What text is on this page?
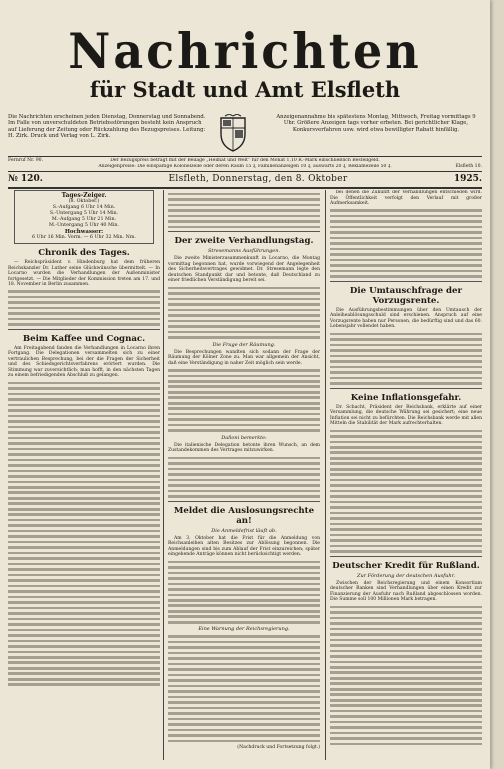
Nachrichten
für Stadt und Amt Elsfleth
Die Nachrichten erscheinen jeden Dienstag, Donnerstag und Sonnabend. Im Falle von unverschuldeten Betriebsstörungen besteht kein Anspruch auf Lieferung der Zeitung oder Rückzahlung des Bezugspreises. Leitung: H. Zirk. Druck und Verlag von L. Zirk.
Anzeigenannahme bis spätestens Montag, Mittwoch, Freitag vormittags 9 Uhr. Größere Anzeigen tags vorher erbeten. Bei gerichtlicher Klage, Konkursverfahren usw. wird etwa bewilligter Rabatt hinfällig.
Fernruf Nr. 90.	Der Bezugspreis beträgt mit der Beilage „Heimat und Welt“ für den Monat 1,10 R.-Mark einschließlich Bestellgeld.
Anzeigenpreise: Die einspaltige Kolonelzeile oder deren Raum 15 ₰, Familienanzeigen 10 ₰, auswärts 20 ₰, Reklamezeile 50 ₰.	Elsfleth 10.
№ 120.	Elsfleth, Donnerstag, den 8. Oktober	1925.
Tages-Zeiger.
(8. Oktober.)
S.-Aufgang 6 Uhr 14 Min.
S.-Untergang 5 Uhr 14 Min.
M.-Aufgang 5 Uhr 21 Min.
M.-Untergang 5 Uhr 40 Min.
Hochwasser:
6 Uhr 16 Min. Vorm. — 6 Uhr 32 Min. Nm.
Chronik des Tages.

— Reichspräsident v. Hindenburg hat dem früheren Reichskanzler Dr. Luther seine Glückwünsche übermittelt. — In Locarno wurden die Verhandlungen der Außenminister fortgesetzt. — Die Mitglieder der Kommission treten am 17. und 18. November in Berlin zusammen.

Beim Kaffee und Cognac.

Am Freitagabend fanden die Verhandlungen in Locarno ihren Fortgang. Die Delegationen versammelten sich zu einer vertraulichen Besprechung, bei der die Fragen der Sicherheit und des Schiedsgerichtsverfahrens erörtert wurden. Die Stimmung war zuversichtlich; man hofft, in den nächsten Tagen zu einem befriedigenden Abschluß zu gelangen.

Der zweite Verhandlungstag.
Stresemanns Ausführungen.

Die zweite Ministerzusammenkunft in Locarno, die Montag vormittag begonnen hat, wurde vorwiegend der Angelegenheit des Sicherheitsvertrages gewidmet. Dr. Stresemann legte den deutschen Standpunkt dar und betonte, daß Deutschland zu einer friedlichen Verständigung bereit sei.

Die Frage der Räumung.

Die Besprechungen wandten sich sodann der Frage der Räumung der Kölner Zone zu. Man war allgemein der Ansicht, daß eine Verständigung in naher Zeit möglich sein werde.

Dalloni bemerkte:

Die italienische Delegation betonte ihren Wunsch, an dem Zustandekommen des Vertrages mitzuwirken.

Meldet die Auslosungsrechte an!
Die Anmeldefrist läuft ab.

Am 3. Oktober hat die Frist für die Anmeldung von Reichsanleihen alten Besitzes zur Ablösung begonnen. Die Anmeldungen sind bis zum Ablauf der Frist einzureichen; später eingehende Anträge können nicht berücksichtigt werden.

Eine Warnung der Reichsregierung.
(Nachdruck und Fortsetzung folgt.)

bei denen die Zukunft der Verhandlungen entschieden wird. Die Öffentlichkeit verfolgt den Verlauf mit großer Aufmerksamkeit.

Die Umtauschfrage der Vorzugsrente.

Die Ausführungsbestimmungen über den Umtausch der Anleiheablösungsschuld sind erschienen. Anspruch auf eine Vorzugsrente haben nur Personen, die bedürftig sind und das 60. Lebensjahr vollendet haben.

Keine Inflationsgefahr.

Dr. Schacht, Präsident der Reichsbank, erklärte auf einer Versammlung, die deutsche Währung sei gesichert; eine neue Inflation sei nicht zu befürchten. Die Reichsbank werde mit allen Mitteln die Stabilität der Mark aufrechterhalten.

Deutscher Kredit für Rußland.
Zur Förderung der deutschen Ausfuhr.

Zwischen der Reichsregierung und einem Konsortium deutscher Banken sind Verhandlungen über einen Kredit zur Finanzierung der Ausfuhr nach Rußland abgeschlossen worden. Die Summe soll 100 Millionen Mark betragen.
